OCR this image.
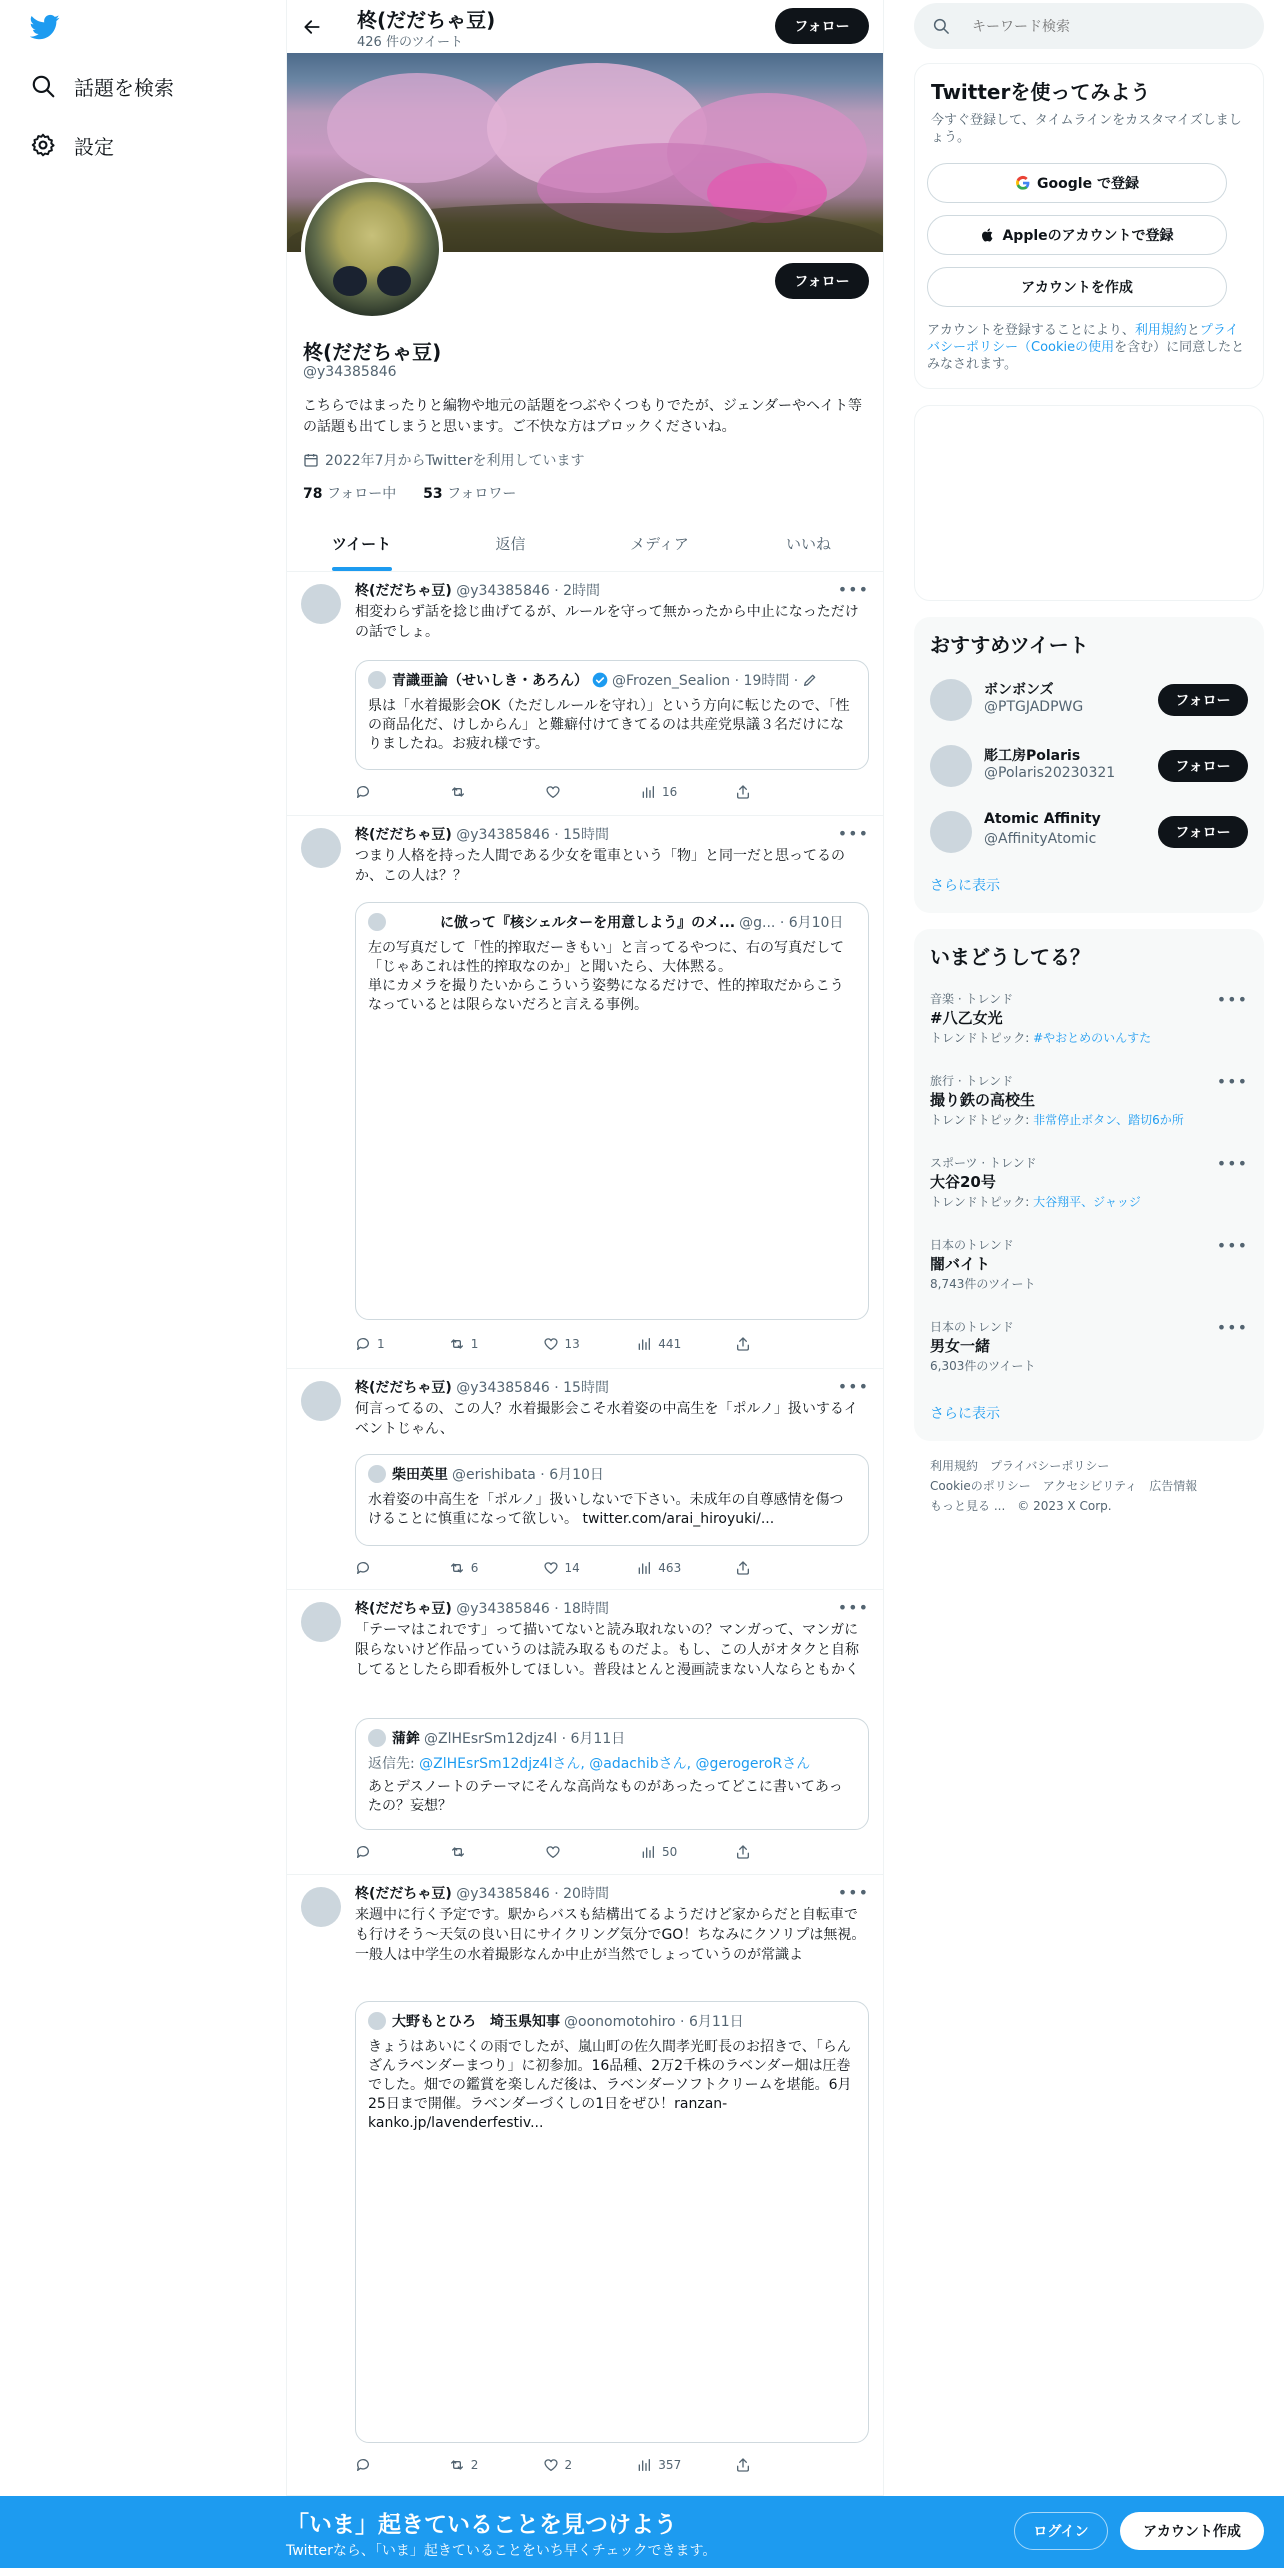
話題を検索
設定
柊(だだちゃ豆)
426 件のツイート
フォロー
フォロー
柊(だだちゃ豆)
@y34385846
こちらではまったりと編物や地元の話題をつぶやくつもりでたが、ジェンダーやヘイト等の話題も出てしまうと思います。ご不快な方はブロックくださいね。
2022年7月からTwitterを利用しています
78 フォロー中 53 フォロワー
ツイート	返信	メディア	いいね
柊(だだちゃ豆) @y34385846 · 2時間	•••
相変わらず話を捻じ曲げてるが、ルールを守って無かったから中止になっただけの話でしょ。
青識亜論（せいしき・あろん） @Frozen_Sealion · 19時間 ·
県は「水着撮影会OK（ただしルールを守れ）」という方向に転じたので、「性の商品化だ、けしからん」と難癖付けてきてるのは共産党県議３名だけになりましたね。お疲れ様です。
16
柊(だだちゃ豆) @y34385846 · 15時間	•••
つまり人格を持った人間である少女を電車という「物」と同一だと思ってるのか、この人は？？
に倣って『核シェルターを用意しよう』のメ... @g... · 6月10日
左の写真だして「性的搾取だーきもい」と言ってるやつに、右の写真だして「じゃあこれは性的搾取なのか」と聞いたら、大体黙る。
単にカメラを撮りたいからこういう姿勢になるだけで、性的搾取だからこうなっているとは限らないだろと言える事例。
1	1	13	441
柊(だだちゃ豆) @y34385846 · 15時間	•••
何言ってるの、この人？水着撮影会こそ水着姿の中高生を「ポルノ」扱いするイベントじゃん、
柴田英里 @erishibata · 6月10日
水着姿の中高生を「ポルノ」扱いしないで下さい。未成年の自尊感情を傷つけることに慎重になって欲しい。 twitter.com/arai_hiroyuki/...
6	14	463
柊(だだちゃ豆) @y34385846 · 18時間	•••
「テーマはこれです」って描いてないと読み取れないの？マンガって、マンガに限らないけど作品っていうのは読み取るものだよ。もし、この人がオタクと自称してるとしたら即看板外してほしい。普段はとんと漫画読まない人ならともかく
蒲鉾 @ZlHEsrSm12djz4l · 6月11日
返信先: @ZlHEsrSm12djz4lさん, @adachibさん, @gerogeroRさん
あとデスノートのテーマにそんな高尚なものがあったってどこに書いてあったの？妄想？
50
柊(だだちゃ豆) @y34385846 · 20時間	•••
来週中に行く予定です。駅からバスも結構出てるようだけど家からだと自転車でも行けそう～天気の良い日にサイクリング気分でGO！ちなみにクソリプは無視。一般人は中学生の水着撮影なんか中止が当然でしょっていうのが常識よ
大野もとひろ　埼玉県知事 @oonomotohiro · 6月11日
きょうはあいにくの雨でしたが、嵐山町の佐久間孝光町長のお招きで、「らんざんラベンダーまつり」に初参加。16品種、2万2千株のラベンダー畑は圧巻でした。畑での鑑賞を楽しんだ後は、ラベンダーソフトクリームを堪能。6月25日まで開催。ラベンダーづくしの1日をぜひ！ranzan-kanko.jp/lavenderfestiv...
2	2	357
キーワード検索
Twitterを使ってみよう
今すぐ登録して、タイムラインをカスタマイズしましょう。
Google で登録
Appleのアカウントで登録
アカウントを作成
アカウントを登録することにより、利用規約とプライバシーポリシー（Cookieの使用を含む）に同意したとみなされます。
おすすめツイート
ボンボンズ
@PTGJADPWG	フォロー
彫工房Polaris
@Polaris20230321	フォロー
Atomic Affinity
@AffinityAtomic	フォロー
さらに表示
いまどうしてる？
音楽 · トレンド
#八乙女光
トレンドトピック: #やおとめのいんすた
•••
旅行 · トレンド
撮り鉄の高校生
トレンドトピック: 非常停止ボタン、踏切6か所
•••
スポーツ · トレンド
大谷20号
トレンドトピック: 大谷翔平、ジャッジ
•••
日本のトレンド
闇バイト
8,743件のツイート
•••
日本のトレンド
男女一緒
6,303件のツイート
•••
さらに表示
利用規約 プライバシーポリシー
Cookieのポリシー アクセシビリティ 広告情報
もっと見る ... © 2023 X Corp.
「いま」起きていることを見つけよう
Twitterなら、「いま」起きていることをいち早くチェックできます。
ログイン	アカウント作成
